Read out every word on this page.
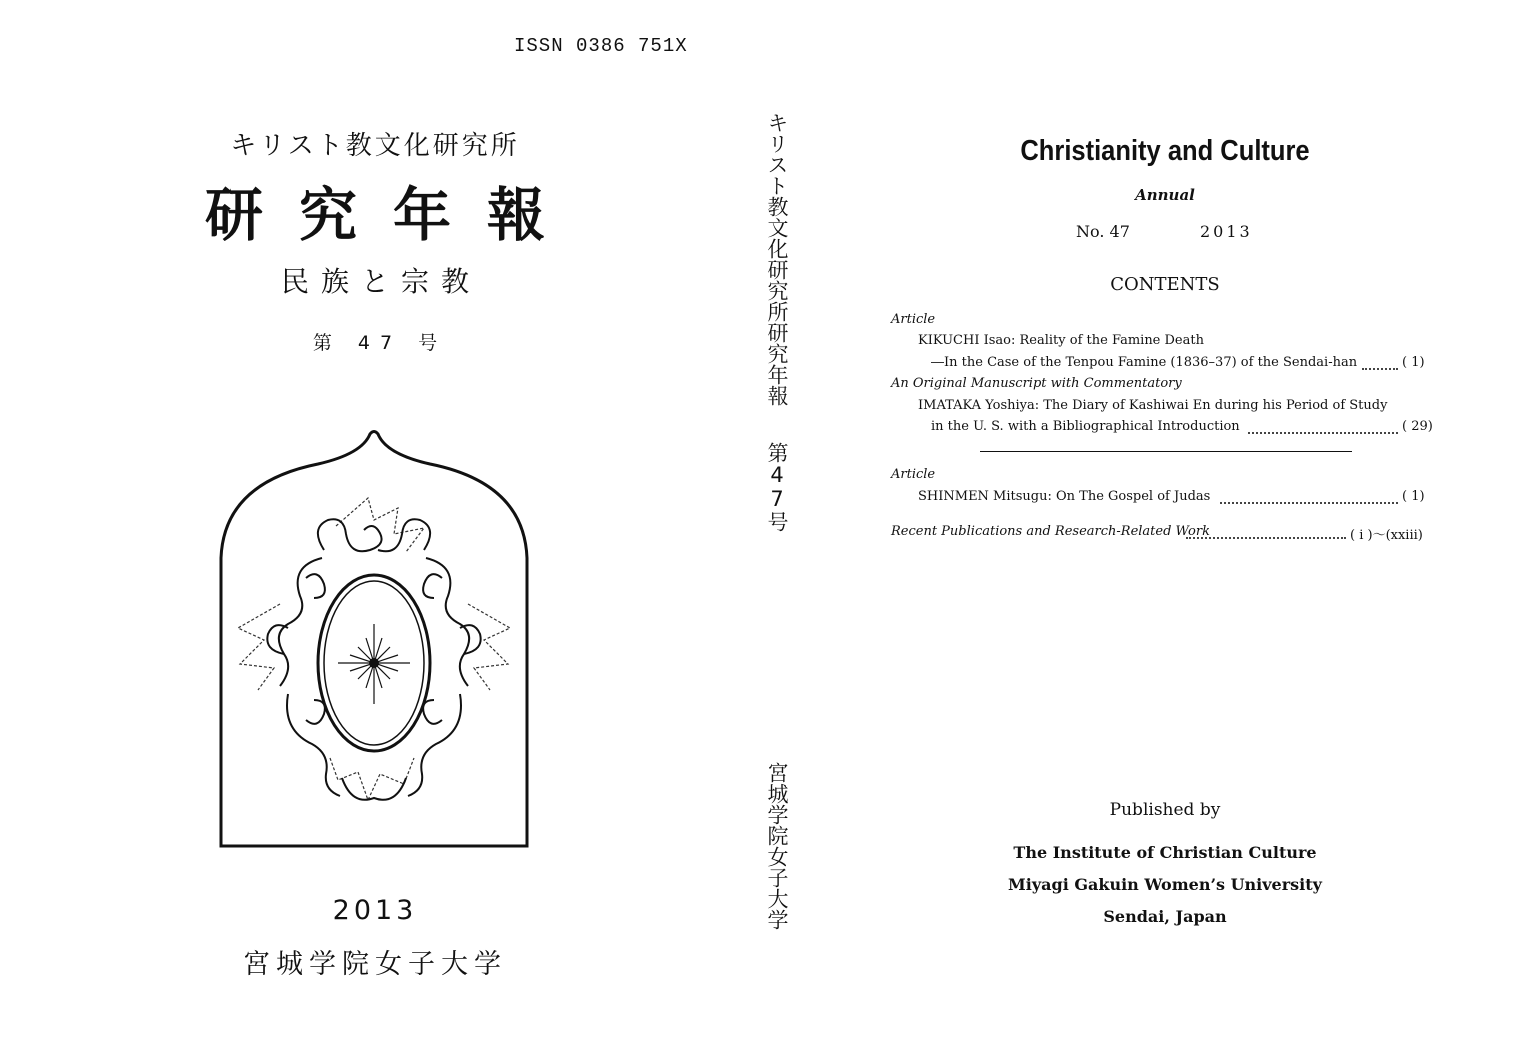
ISSN 0386 751X
キリスト教文化研究所
研究年報
民族と宗教
第 47 号
2013
宮城学院女子大学
キリスト教文化研究所研究年報
第47号
宮城学院女子大学
Christianity and Culture
Annual
No. 47	2013
CONTENTS
Article
KIKUCHI Isao: Reality of the Famine Death
―In the Case of the Tenpou Famine (1836–37) of the Sendai-han	( 1)
An Original Manuscript with Commentatory
IMATAKA Yoshiya: The Diary of Kashiwai En during his Period of Study
in the U. S. with a Bibliographical Introduction	( 29)
Article
SHINMEN Mitsugu: On The Gospel of Judas	( 1)
Recent Publications and Research-Related Work	( i )～(xxiii)
Published by
The Institute of Christian Culture
Miyagi Gakuin Women’s University
Sendai, Japan
